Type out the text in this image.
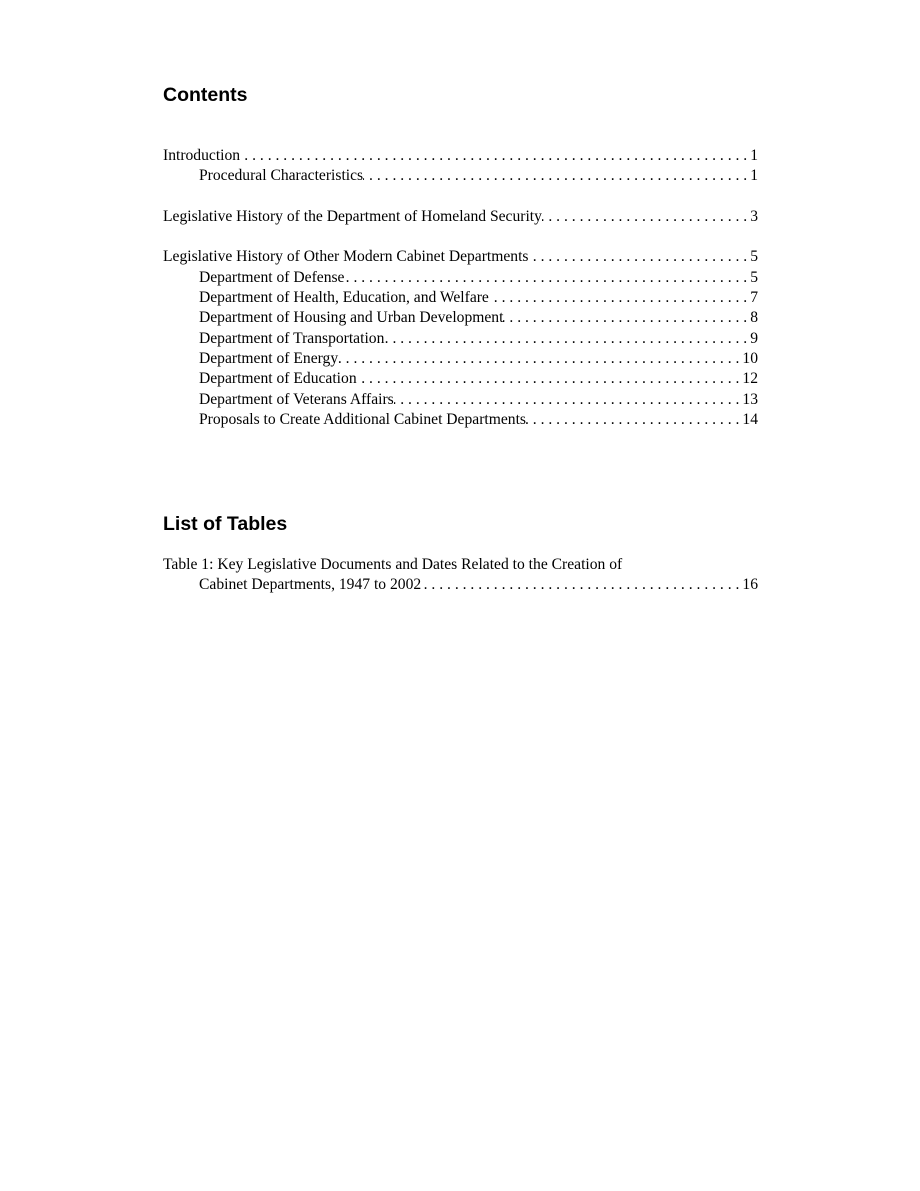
Contents
Introduction . . .	1
Procedural Characteristics . . .	1
Legislative History of the Department of Homeland Security . . .	3
Legislative History of Other Modern Cabinet Departments . . .	5
Department of Defense . . .	5
Department of Health, Education, and Welfare . . .	7
Department of Housing and Urban Development . . .	8
Department of Transportation . . .	9
Department of Energy . . .	10
Department of Education . . .	12
Department of Veterans Affairs . . .	13
Proposals to Create Additional Cabinet Departments . . .	14
List of Tables
Table 1: Key Legislative Documents and Dates Related to the Creation of
Cabinet Departments, 1947 to 2002 . . .	16
